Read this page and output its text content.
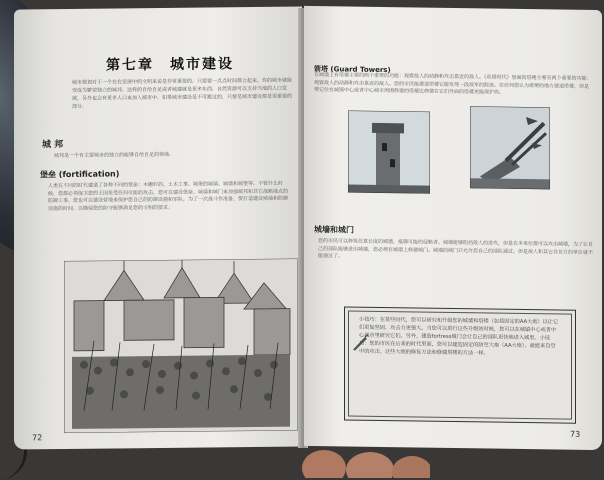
第七章　城市建设
城市规划对于一个在在发展中的文明来说是非常重要的。只要要一点点时间都合起来，你的城市就能变成为繁荣独立的城邦。这样的自给自足或者城建就是更多东西。自然资源可以支持当地的人口发展，另外也会有更多人口来加入城市中。如果城市建设是不可跳过的，只要是城市建设都是很重要的部分。
城 邦
城邦是一个有主要城市的独立的能够自给自足的领地。
堡垒 (fortification)
人类在不同的时代建造了各种不同的堡垒：木栅栏的、土木工事、城堡的城墙、城墙和城堡等。不管什么时候，您都必须保卫您的王国免受任何可能的攻击。您可以建设堡垒。城墙和城门来加强城邦和其它战略地点的防御工事。您也可以建设营地来保护您自己的防御设施和军队。为了一次战斗作准备，要打造建设城墙和防御设施的时间。以确保您的防守能够满足您的文明的要求。
72
箭塔 (Guard Towers)
在城墙上有塔楼主要的两个重要的功能：观察敌人的动静和攻击靠近的敌人。《帝国时代》里面的塔楼主要有两个重要的功能：观察敌人的动静和攻击靠近的敌人。您的市民能建造塔楼它能发现一段敌军的踪迹。在任何您认为需要的地方建造塔楼，但是要记住在城镇中心或者中心城市周围修建的塔楼比修建在它们外面的塔楼更能保护你。
城墙和城门
您的市民可以修筑任意长度的城墙，抵御可能的侵略者。城墙能够阻挡敌人的进攻，但是在多单位都可以攻击城墙，为了让自己的部队能够进出城墙，您必须在城墙上修建城门。城墙的城门只允许您自己的部队通过。但是敌人和其它非友方的单位就不能通过了。
小技巧：在某些时代，您可以研究和升级您的城墙和塔楼（包括固定的AA大炮）以让它们更加坚固，攻击力更强大。当您可以进行这些升级的时候，您可以在城镇中心或者中心城市里研究它们。另外，建造fortress城门会让自己的部队更快地进入城里。小技巧：您的市民在后来的时代里面，您可以建造固定的防空大炮（AA大炮），就能来自空中的攻击。这些大炮的修复方法和修建塔楼的方法一样。
73
